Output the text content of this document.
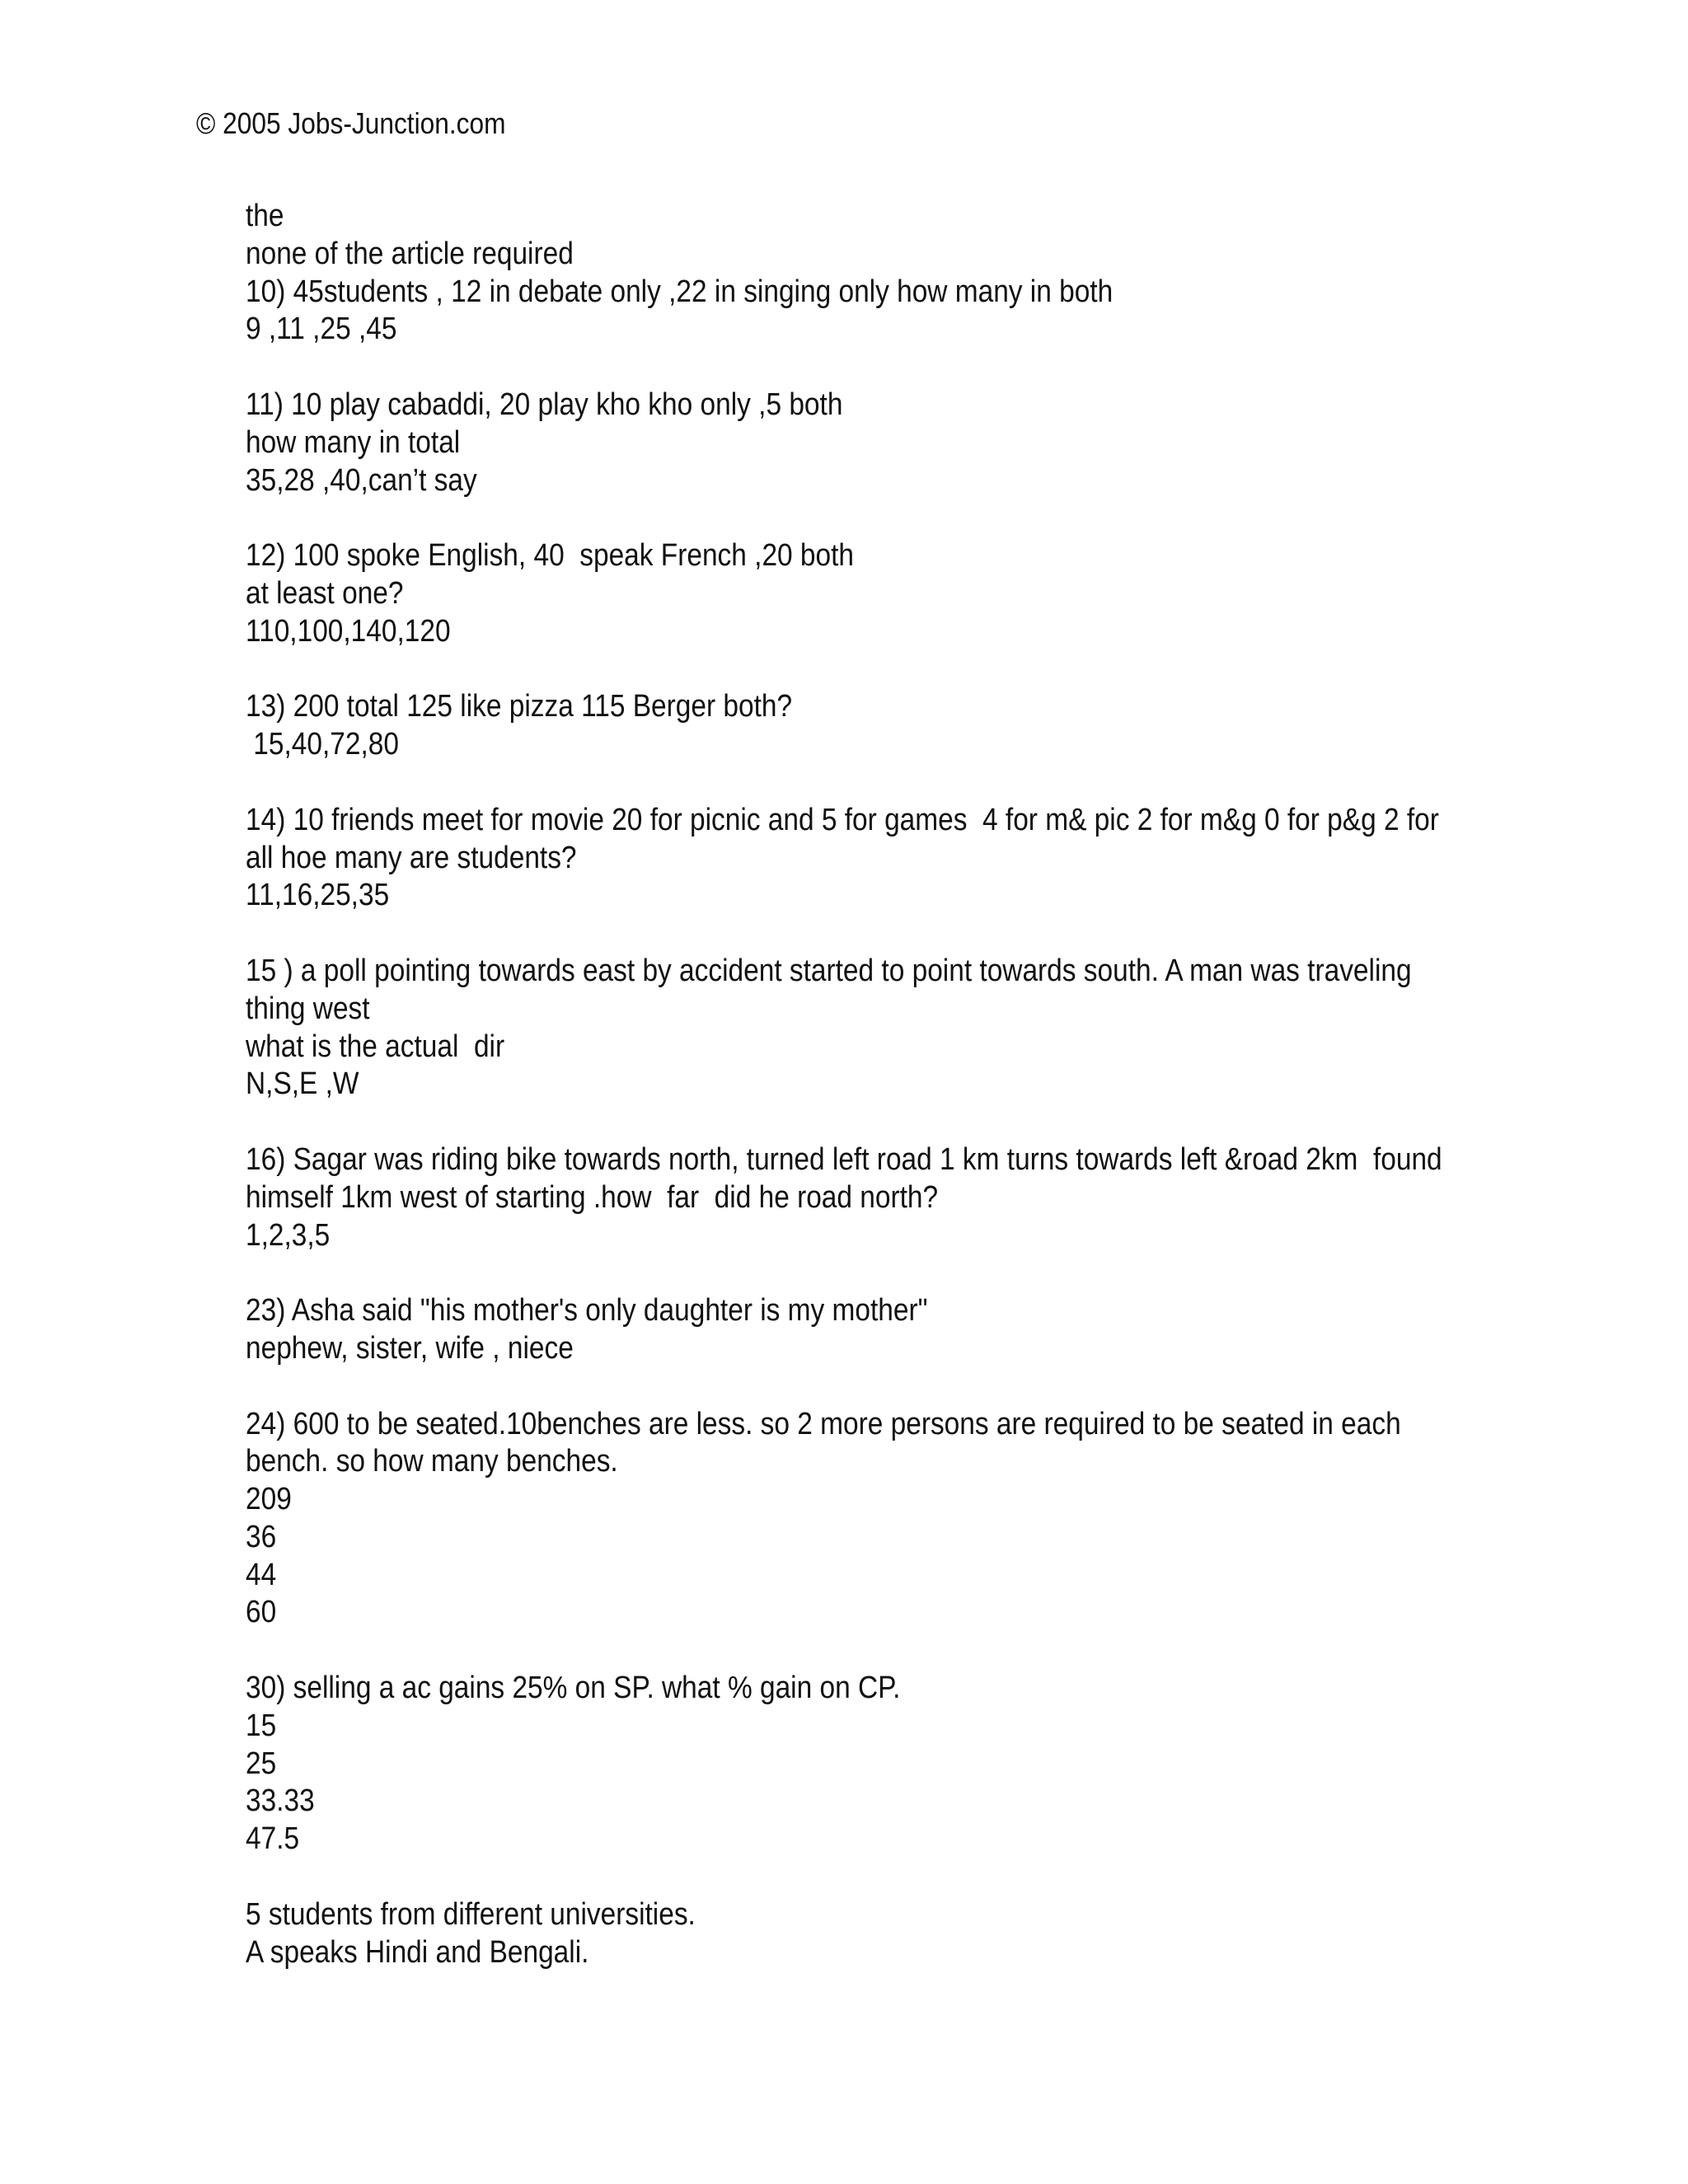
© 2005 Jobs-Junction.com
the
none of the article required
10) 45students , 12 in debate only ,22 in singing only how many in both
9 ,11 ,25 ,45
11) 10 play cabaddi, 20 play kho kho only ,5 both
how many in total
35,28 ,40,can’t say
12) 100 spoke English, 40  speak French ,20 both
at least one?
110,100,140,120
13) 200 total 125 like pizza 115 Berger both?
15,40,72,80
14) 10 friends meet for movie 20 for picnic and 5 for games  4 for m& pic 2 for m&g 0 for p&g 2 for
all hoe many are students?
11,16,25,35
15 ) a poll pointing towards east by accident started to point towards south. A man was traveling
thing west
what is the actual  dir
N,S,E ,W
16) Sagar was riding bike towards north, turned left road 1 km turns towards left &road 2km  found
himself 1km west of starting .how  far  did he road north?
1,2,3,5
23) Asha said "his mother's only daughter is my mother"
nephew, sister, wife , niece
24) 600 to be seated.10benches are less. so 2 more persons are required to be seated in each
bench. so how many benches.
209
36
44
60
30) selling a ac gains 25% on SP. what % gain on CP.
15
25
33.33
47.5
5 students from different universities.
A speaks Hindi and Bengali.
